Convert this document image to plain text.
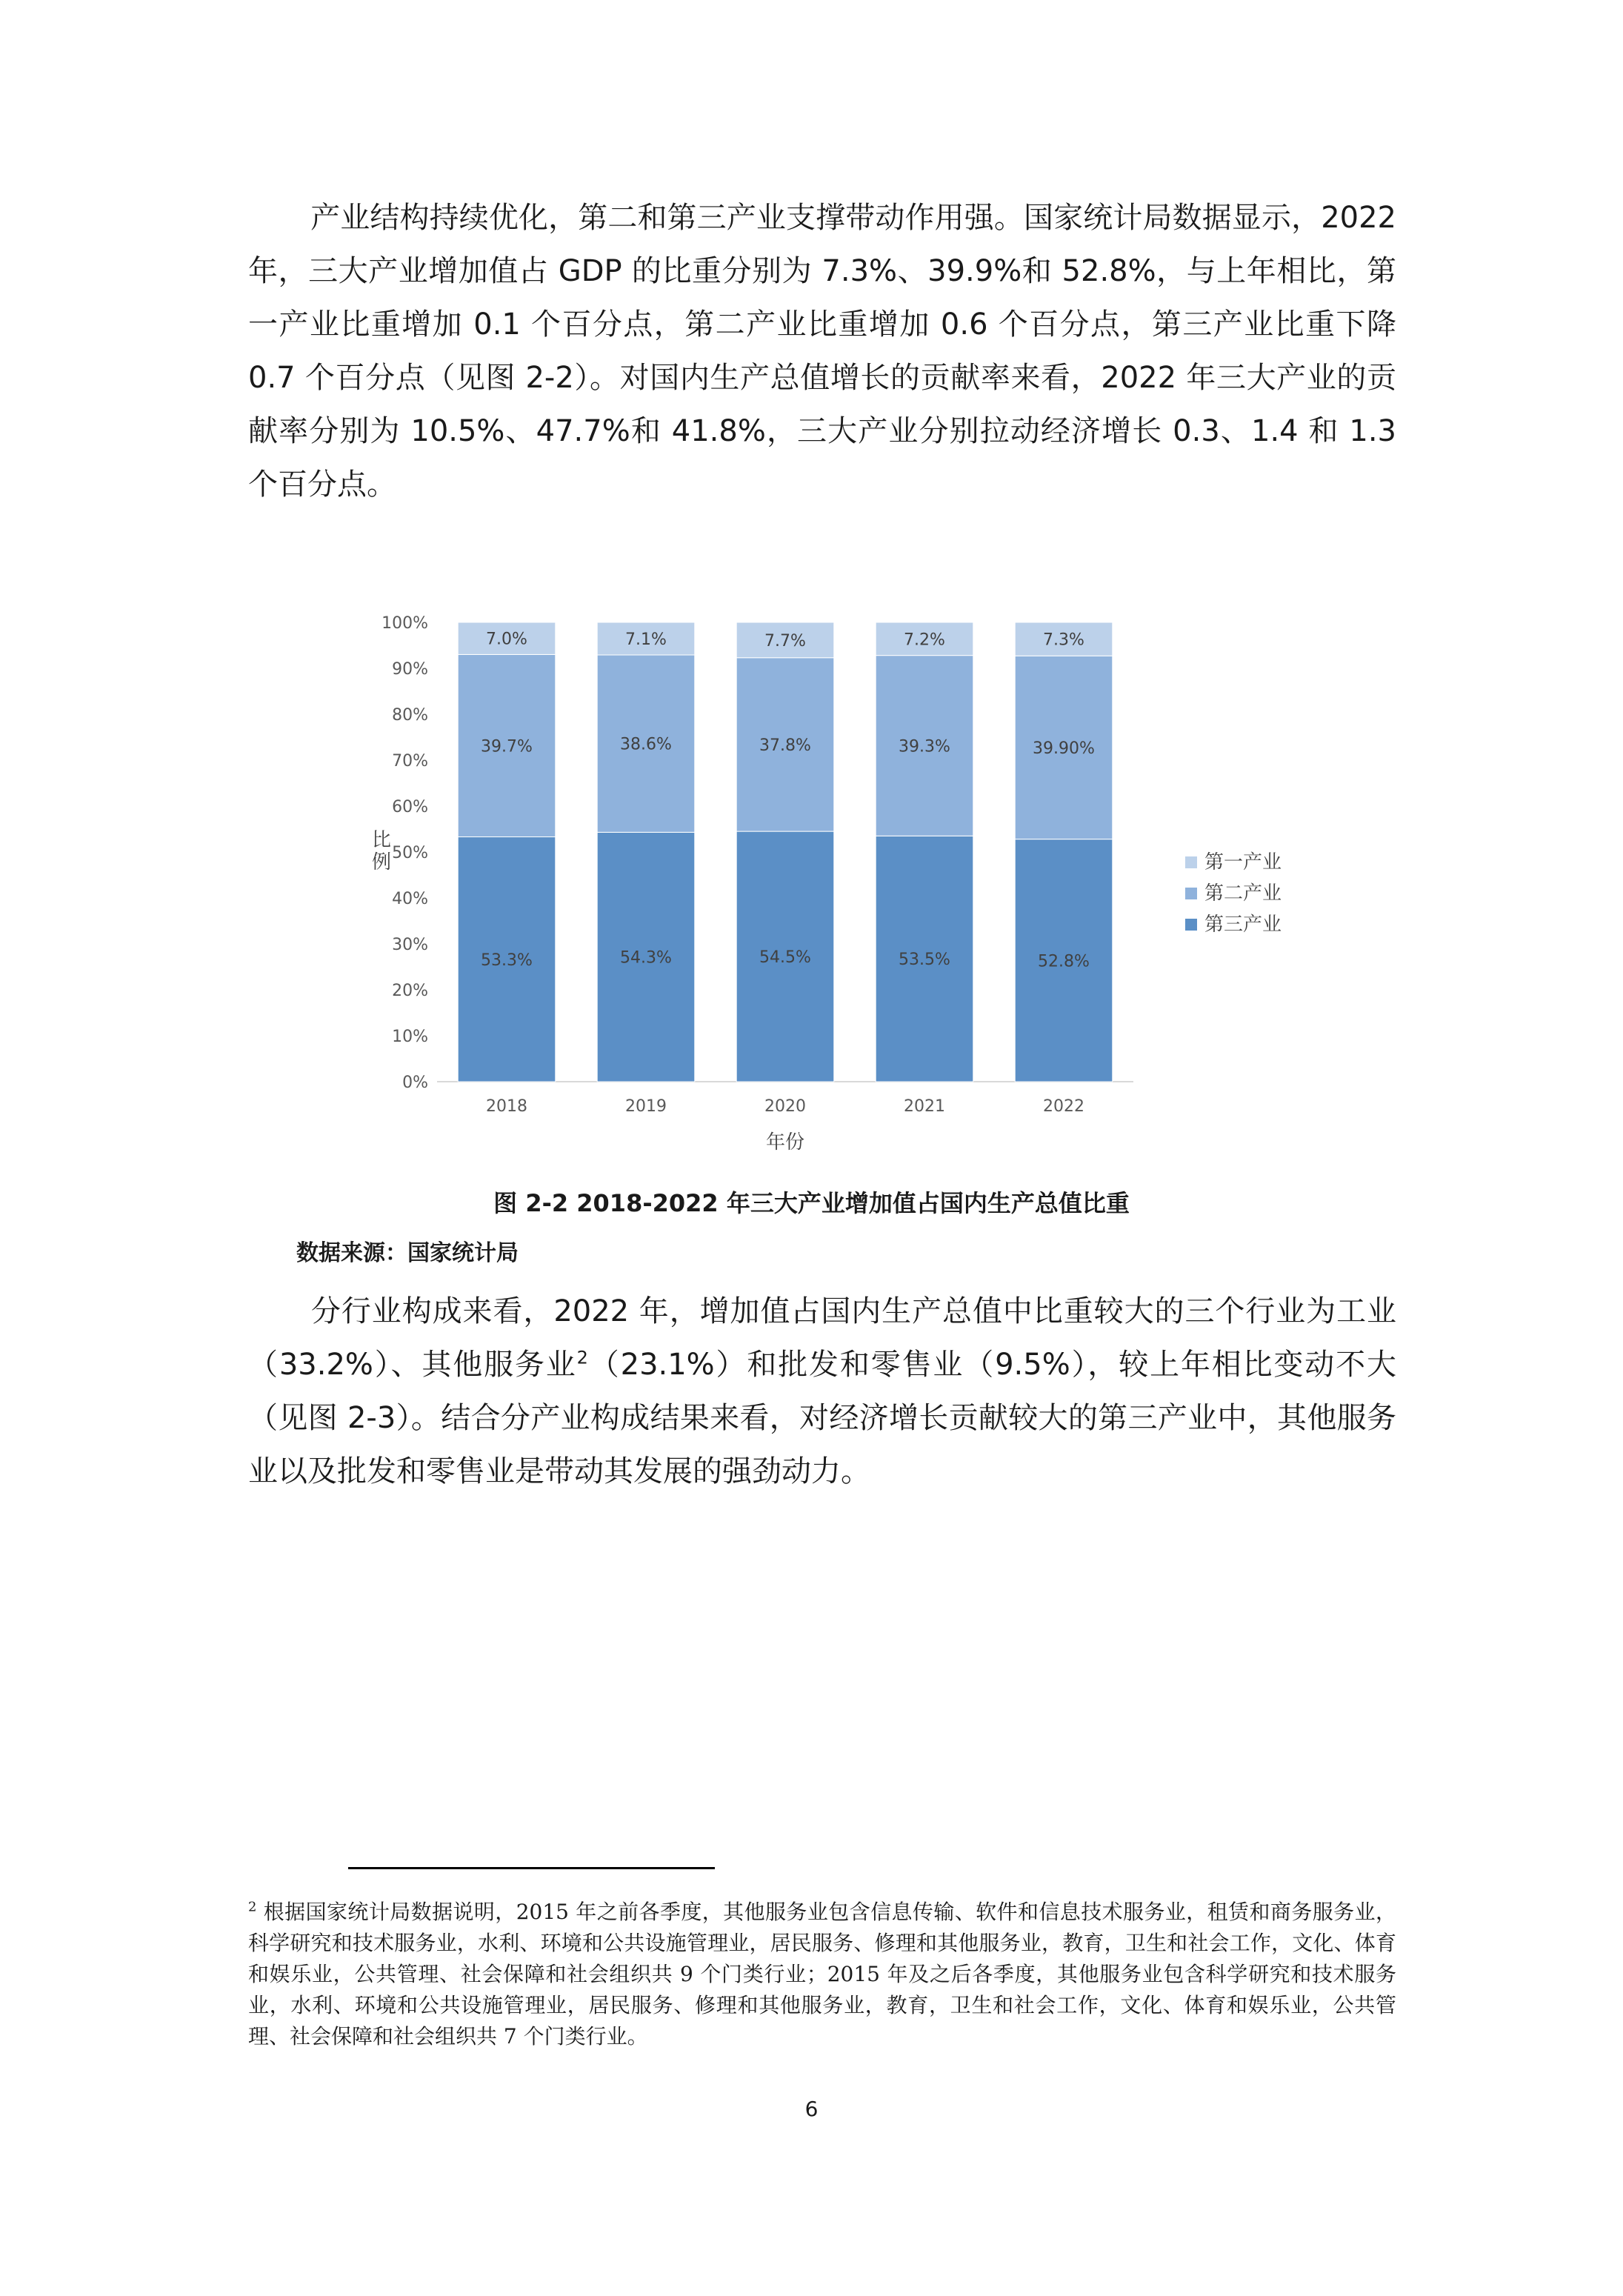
产业结构持续优化，第二和第三产业支撑带动作用强。国家统计局数据显示，2022 年，三大产业增加值占 GDP 的比重分别为 7.3%、39.9%和 52.8%，与上年相比，第一产业比重增加 0.1 个百分点，第二产业比重增加 0.6 个百分点，第三产业比重下降 0.7 个百分点（见图 2-2）。对国内生产总值增长的贡献率来看，2022 年三大产业的贡献率分别为 10.5%、47.7%和 41.8%，三大产业分别拉动经济增长 0.3、1.4 和 1.3 个百分点。

0%
10%
20%
30%
40%
50%
60%
70%
80%
90%
100%
53.3%
39.7%
7.0%
54.3%
38.6%
7.1%
54.5%
37.8%
7.7%
53.5%
39.3%
7.2%
52.8%
39.90%
7.3%
2018	2019	2020	2021	2022
年份
比例	第一产业
第二产业
第三产业
图 2-2 2018-2022 年三大产业增加值占国内生产总值比重
数据来源：国家统计局

分行业构成来看，2022 年，增加值占国内生产总值中比重较大的三个行业为工业（33.2%）、其他服务业$^2$（23.1%）和批发和零售业（9.5%），较上年相比变动不大（见图 2-3）。结合分产业构成结果来看，对经济增长贡献较大的第三产业中，其他服务业以及批发和零售业是带动其发展的强劲动力。

$^2$ 根据国家统计局数据说明，2015 年之前各季度，其他服务业包含信息传输、软件和信息技术服务业，租赁和商务服务业，科学研究和技术服务业，水利、环境和公共设施管理业，居民服务、修理和其他服务业，教育，卫生和社会工作，文化、体育和娱乐业，公共管理、社会保障和社会组织共 9 个门类行业；2015 年及之后各季度，其他服务业包含科学研究和技术服务业，水利、环境和公共设施管理业，居民服务、修理和其他服务业，教育，卫生和社会工作，文化、体育和娱乐业，公共管理、社会保障和社会组织共 7 个门类行业。

6
